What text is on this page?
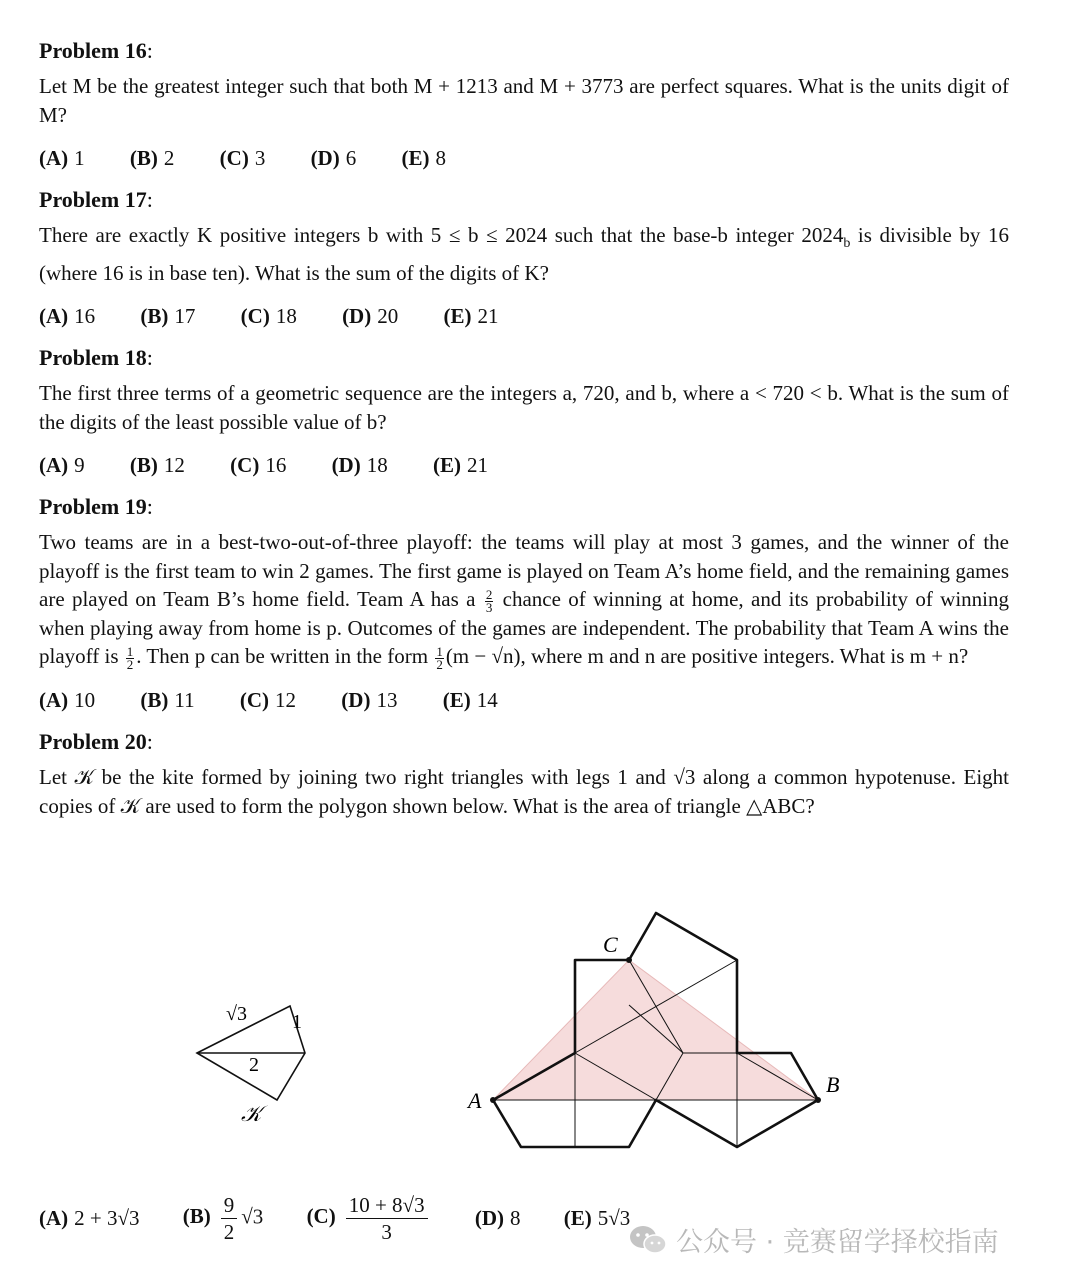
Problem 16:

Let M be the greatest integer such that both M + 1213 and M + 3773 are perfect squares. What is the units digit of M?

(A) 1 (B) 2 (C) 3 (D) 6 (E) 8
Problem 17:

There are exactly K positive integers b with 5 ≤ b ≤ 2024 such that the base-b integer $2024_b$ is divisible by 16 (where 16 is in base ten). What is the sum of the digits of K?

(A) 16 (B) 17 (C) 18 (D) 20 (E) 21
Problem 18:

The first three terms of a geometric sequence are the integers a, 720, and b, where a < 720 < b. What is the sum of the digits of the least possible value of b?

(A) 9 (B) 12 (C) 16 (D) 18 (E) 21
Problem 19:

Two teams are in a best-two-out-of-three playoff: the teams will play at most 3 games, and the winner of the playoff is the first team to win 2 games. The first game is played on Team A’s home field, and the remaining games are played on Team B’s home field. Team A has a $\frac{2}{3}$ chance of winning at home, and its probability of winning when playing away from home is p. Outcomes of the games are independent. The probability that Team A wins the playoff is $\frac{1}{2}$ . Then p can be written in the form $\frac{1}{2} (m - √n)$, where m and n are positive integers. What is m + n?

(A) 10 (B) 11 (C) 12 (D) 13 (E) 14
Problem 20:

Let 𝒦 be the kite formed by joining two right triangles with legs 1 and √3 along a common hypotenuse. Eight copies of 𝒦 are used to form the polygon shown below. What is the area of triangle △ABC?

√3 1
2
𝒦
A
B
C
(A) 2 + 3√3 $(B) \frac{9}{2} √3$ $(C) \frac{10 + 8√3}{3} (D)$ 8 (E) 5√3
公众号 · 竞赛留学择校指南
